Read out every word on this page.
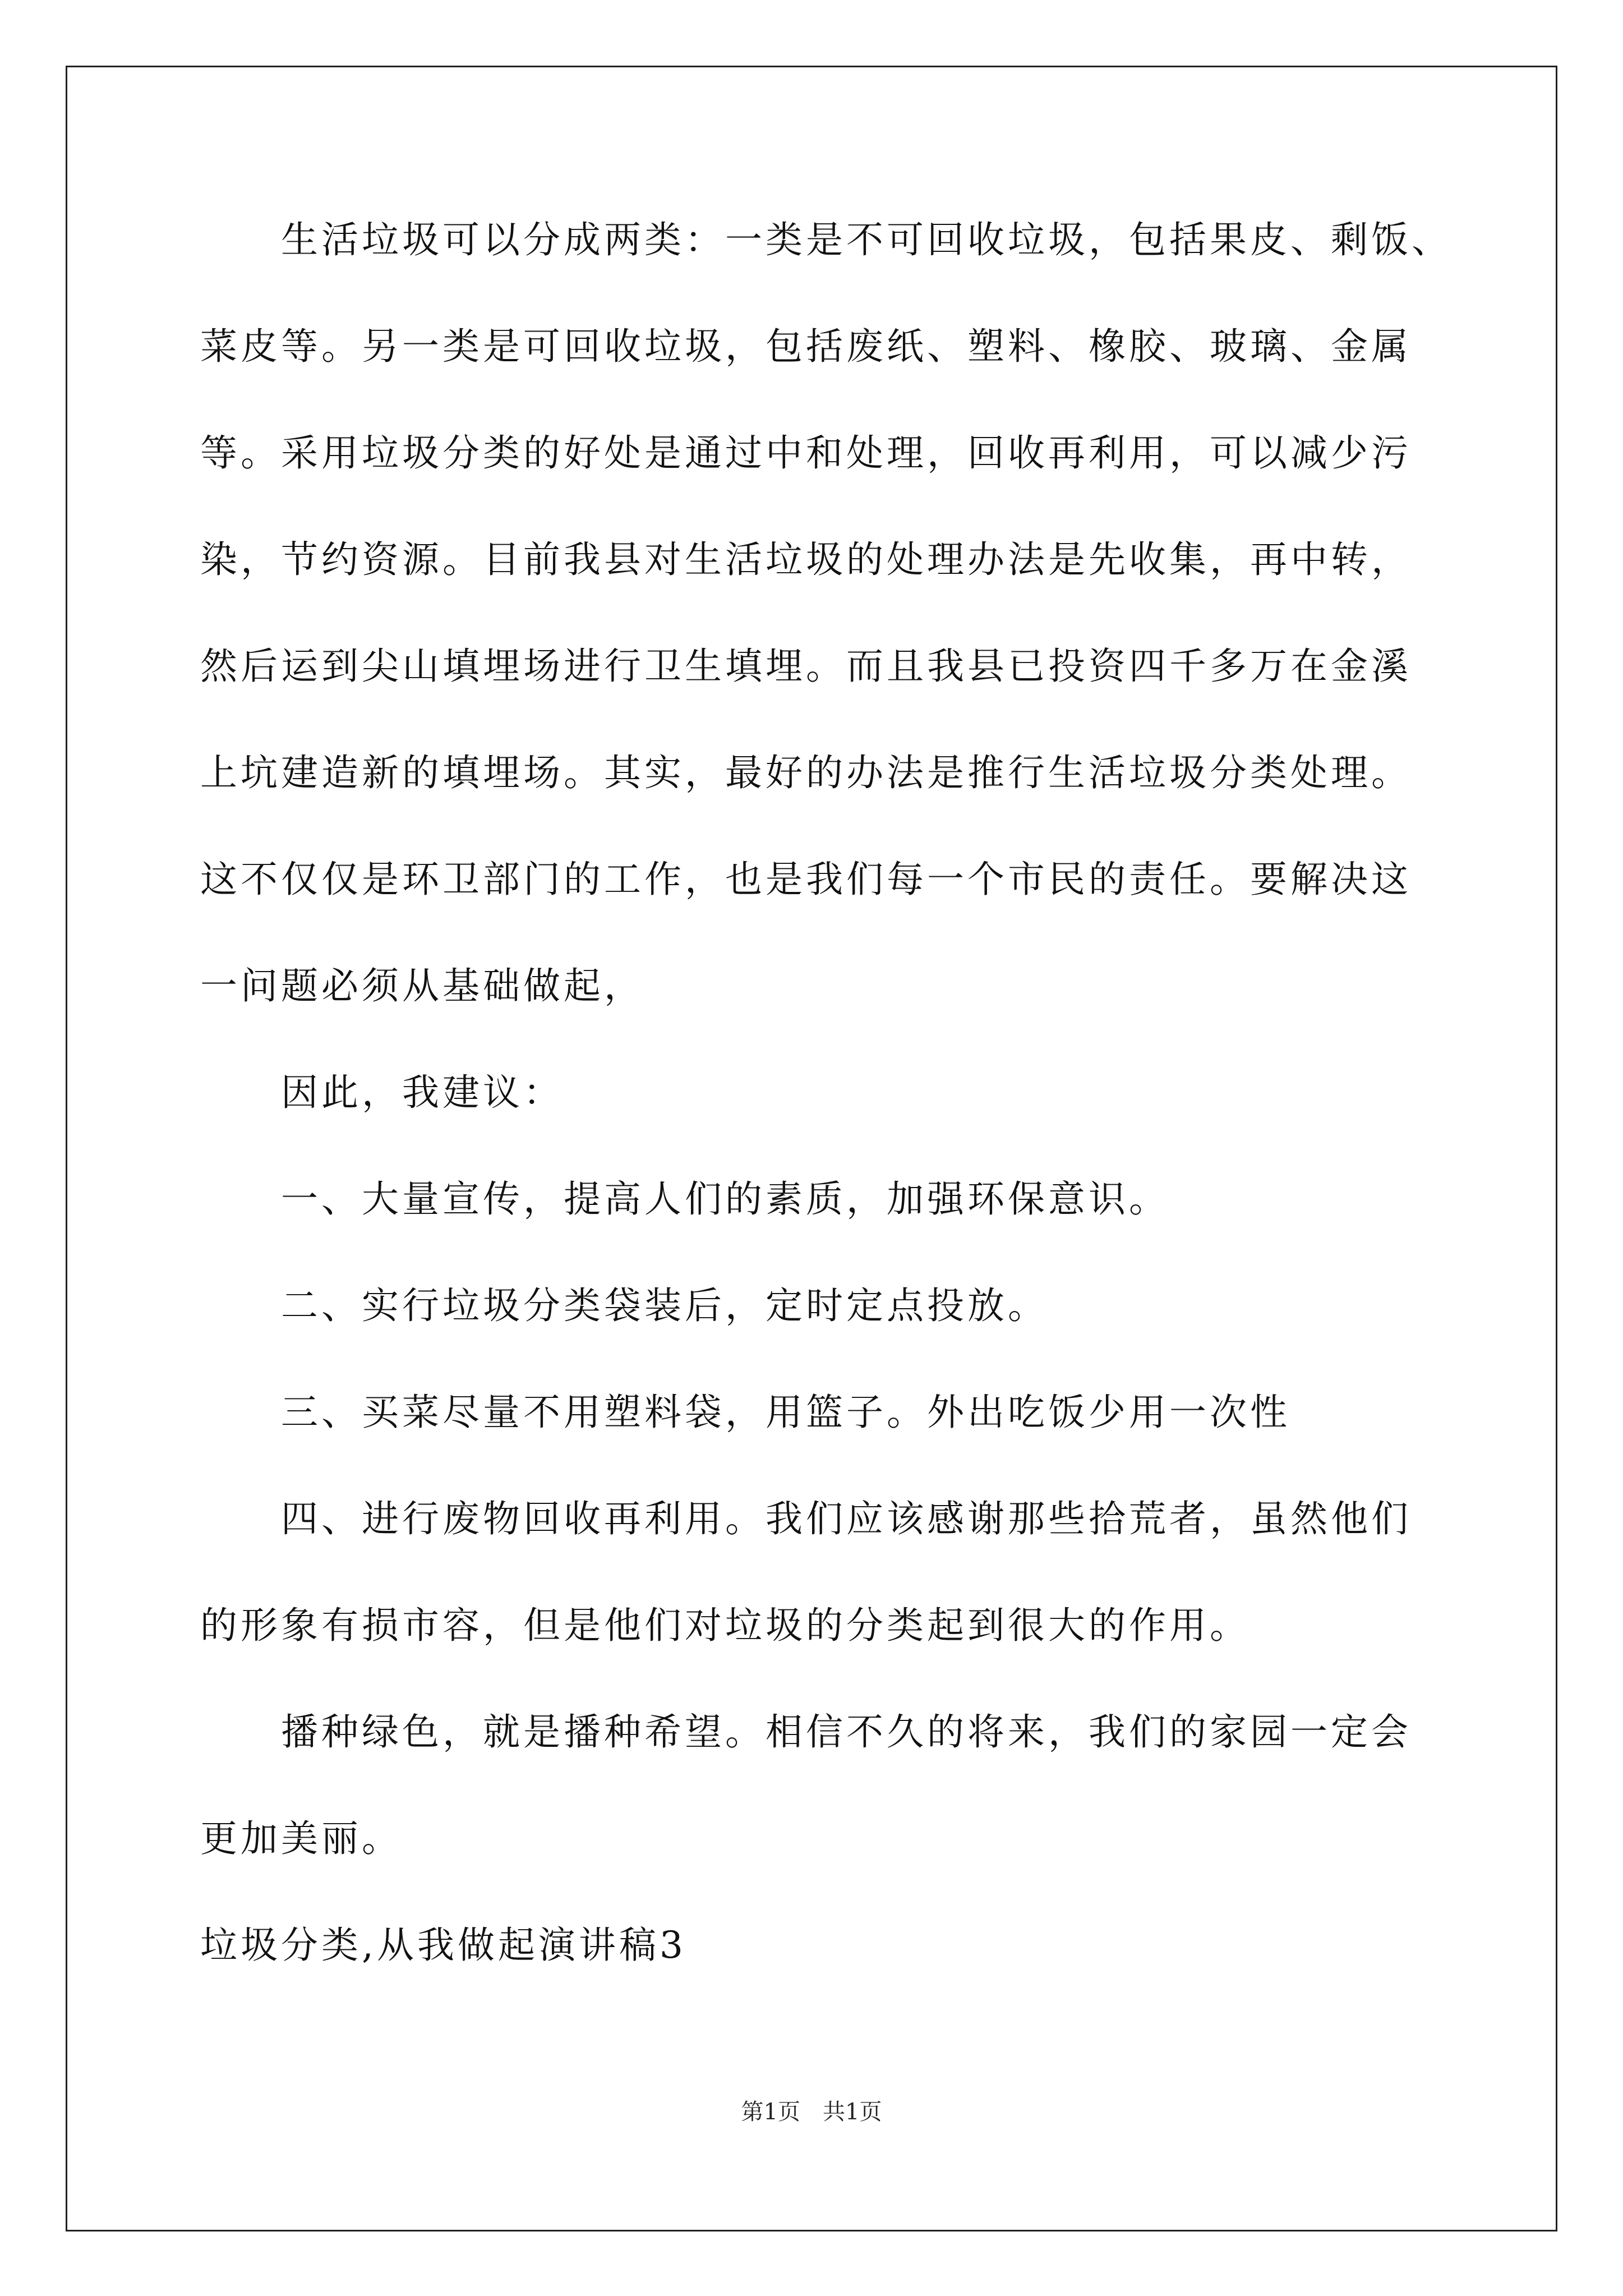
　　生活垃圾可以分成两类：一类是不可回收垃圾，包括果皮、剩饭、
菜皮等。另一类是可回收垃圾，包括废纸、塑料、橡胶、玻璃、金属
等。采用垃圾分类的好处是通过中和处理，回收再利用，可以减少污
染，节约资源。目前我县对生活垃圾的处理办法是先收集，再中转，
然后运到尖山填埋场进行卫生填埋。而且我县已投资四千多万在金溪
上坑建造新的填埋场。其实，最好的办法是推行生活垃圾分类处理。
这不仅仅是环卫部门的工作，也是我们每一个市民的责任。要解决这
一问题必须从基础做起，
　　因此，我建议：
　　一、大量宣传，提高人们的素质，加强环保意识。
　　二、实行垃圾分类袋装后，定时定点投放。
　　三、买菜尽量不用塑料袋，用篮子。外出吃饭少用一次性
　　四、进行废物回收再利用。我们应该感谢那些拾荒者，虽然他们
的形象有损市容，但是他们对垃圾的分类起到很大的作用。
　　播种绿色，就是播种希望。相信不久的将来，我们的家园一定会
更加美丽。
垃圾分类,从我做起演讲稿3
第1页　共1页
